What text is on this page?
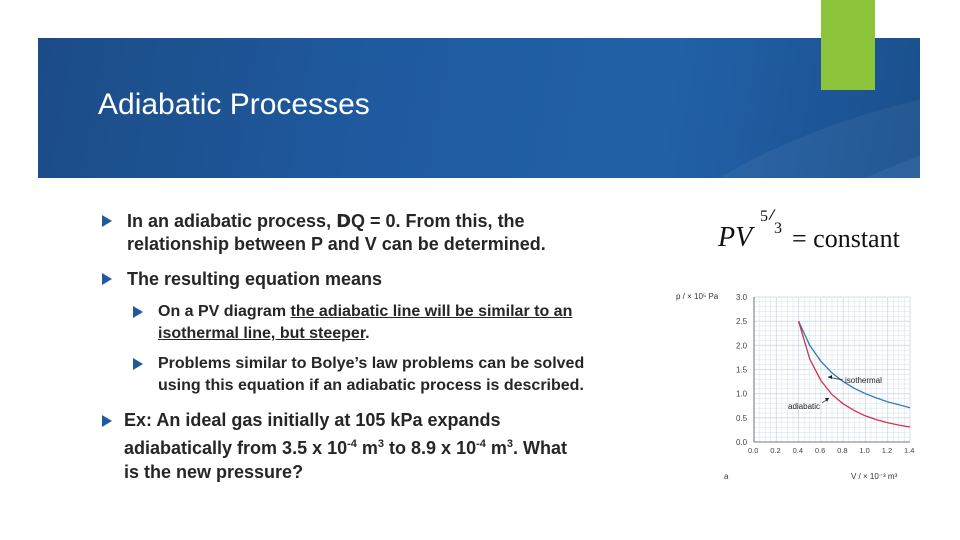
Adiabatic Processes
In an adiabatic process, DQ = 0. From this, the
relationship between P and V can be determined.
The resulting equation means
On a PV diagram the adiabatic line will be similar to an
isothermal line, but steeper.
Problems similar to Bolye’s law problems can be solved
using this equation if an adiabatic process is described.
Ex: An ideal gas initially at 105 kPa expands
adiabatically from 3.5 x $10^{-4}$ $m^3$ to 8.9 x $10^{-4}$ $m^3$. What
is the new pressure?
PV
5
3 = constant
isothermal
adiabatic
0.0
0.5
1.0
1.5
2.0
2.5
3.0
0.0 0.2 0.4 0.6 0.8 1.0 1.2 1.4
p / × 10⁵ Pa
V / × 10⁻³ m³
a
